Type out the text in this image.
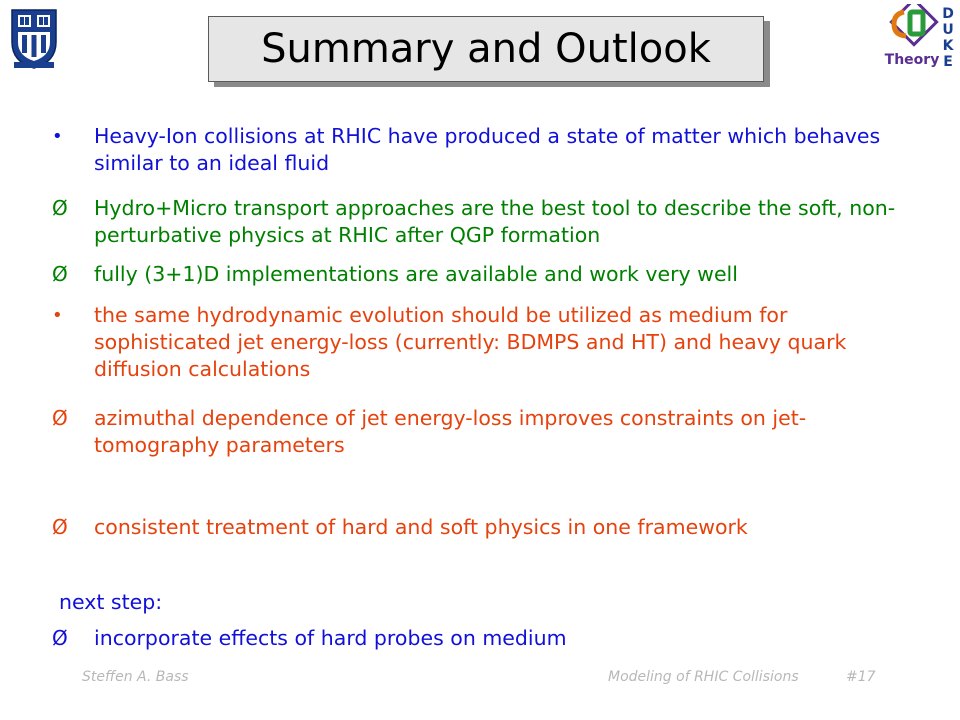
D
U
K
E
Theory
Summary and Outlook
•	Heavy-Ion collisions at RHIC have produced a state of matter which behaves similar to an ideal fluid
Ø	Hydro+Micro transport approaches are the best tool to describe the soft, non-perturbative physics at RHIC after QGP formation
Ø	fully (3+1)D implementations are available and work very well
•	the same hydrodynamic evolution should be utilized as medium for sophisticated jet energy-loss (currently: BDMPS and HT) and heavy quark diffusion calculations
Ø	azimuthal dependence of jet energy-loss improves constraints on jet-tomography parameters
Ø	consistent treatment of hard and soft physics in one framework
next step:
Ø	incorporate effects of hard probes on medium
Steffen A. Bass	Modeling of RHIC Collisions	#17
